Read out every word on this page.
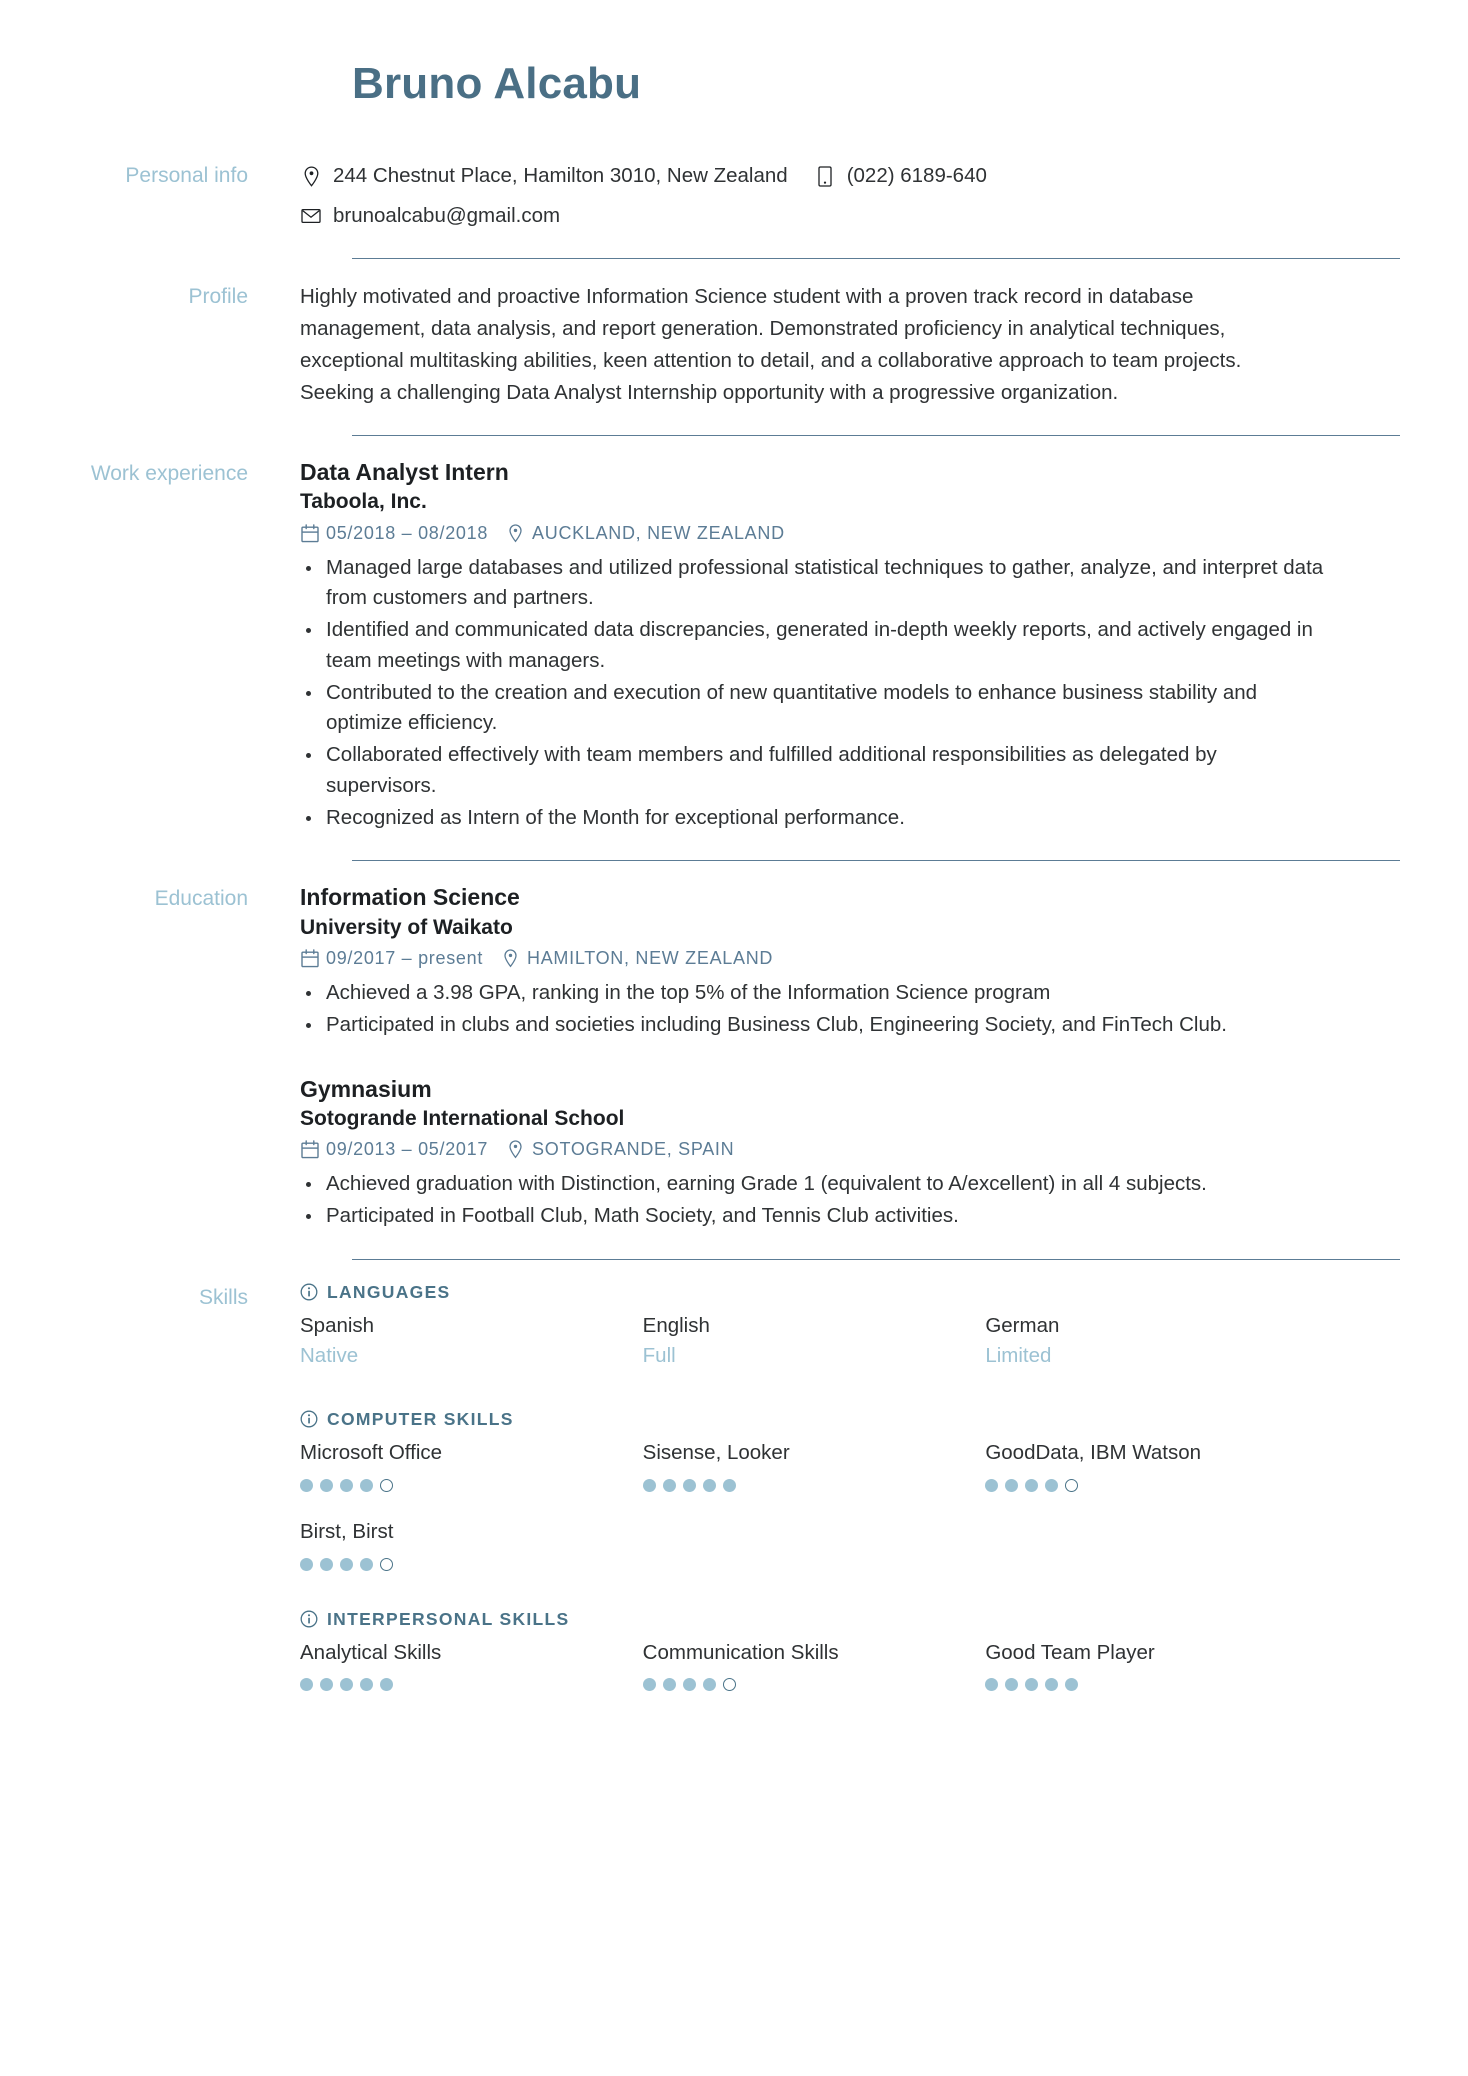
Bruno Alcabu
Personal info	244 Chestnut Place, Hamilton 3010, New Zealand	(022) 6189-640
brunoalcabu@gmail.com
Profile	Highly motivated and proactive Information Science student with a proven track record in database management, data analysis, and report generation. Demonstrated proficiency in analytical techniques, exceptional multitasking abilities, keen attention to detail, and a collaborative approach to team projects. Seeking a challenging Data Analyst Internship opportunity with a progressive organization.

Work experience	Data Analyst Intern
Taboola, Inc.
05/2018 – 08/2018 AUCKLAND, NEW ZEALAND
Managed large databases and utilized professional statistical techniques to gather, analyze, and interpret data from customers and partners.
Identified and communicated data discrepancies, generated in-depth weekly reports, and actively engaged in team meetings with managers.
Contributed to the creation and execution of new quantitative models to enhance business stability and optimize efficiency.
Collaborated effectively with team members and fulfilled additional responsibilities as delegated by supervisors.
Recognized as Intern of the Month for exceptional performance.
Education	Information Science
University of Waikato
09/2017 – present HAMILTON, NEW ZEALAND
Achieved a 3.98 GPA, ranking in the top 5% of the Information Science program
Participated in clubs and societies including Business Club, Engineering Society, and FinTech Club.
Gymnasium
Sotogrande International School
09/2013 – 05/2017 SOTOGRANDE, SPAIN
Achieved graduation with Distinction, earning Grade 1 (equivalent to A/excellent) in all 4 subjects.
Participated in Football Club, Math Society, and Tennis Club activities.
Skills	LANGUAGES
Spanish
Native
English
Full
German
Limited
COMPUTER SKILLS
Microsoft Office	Sisense, Looker	GoodData, IBM Watson
Birst, Birst
INTERPERSONAL SKILLS
Analytical Skills	Communication Skills	Good Team Player
